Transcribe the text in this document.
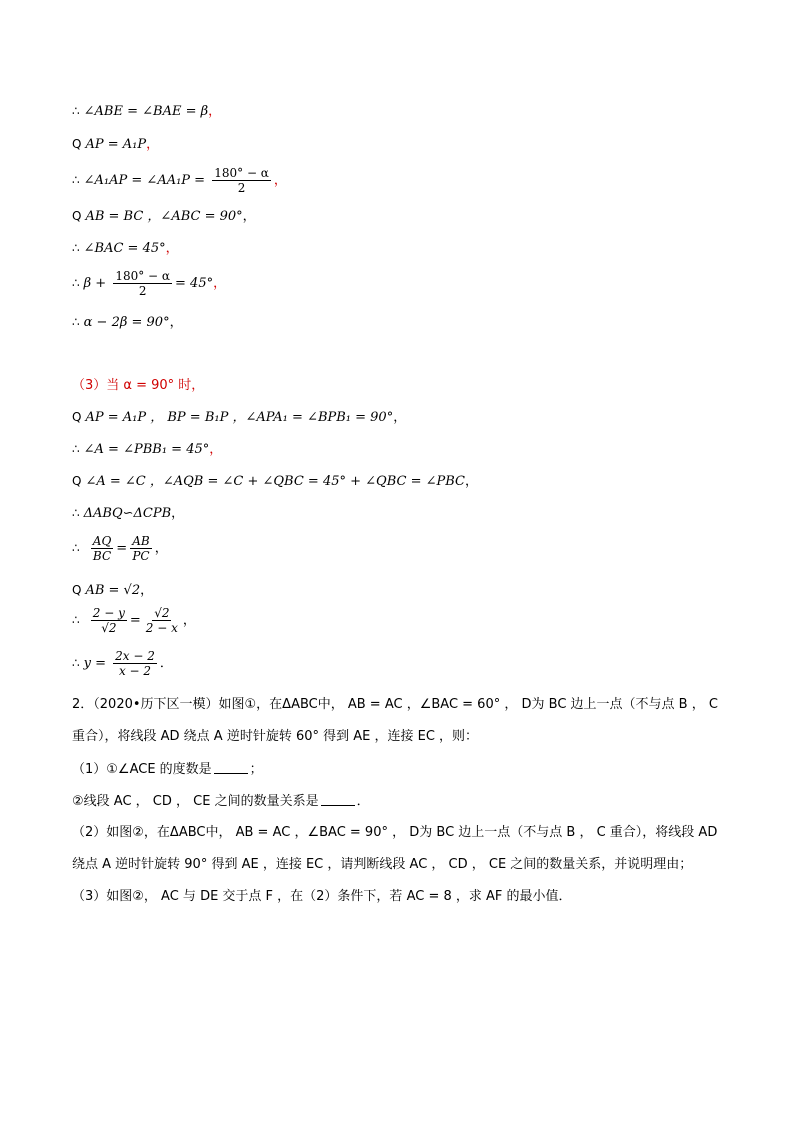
∴ ∠ABE = ∠BAE = β，
Q AP = A₁P，
∴ ∠A₁AP = ∠AA₁P = $\frac{180^\circ - \alpha}{2}$ ，
Q AB = BC ，∠ABC = 90°，
∴ ∠BAC = 45°，
∴ $\beta + \frac{180^\circ - \alpha}{2} = 45^\circ$，
∴ α − 2β = 90°，
（3）当 α = 90° 时，
Q AP = A₁P ， BP = B₁P ，∠APA₁ = ∠BPB₁ = 90°，
∴ ∠A = ∠PBB₁ = 45°，
Q ∠A = ∠C ，∠AQB = ∠C + ∠QBC = 45° + ∠QBC = ∠PBC，
∴ ΔABQ∽ΔCPB，
∴ $\frac{AQ}{BC} = \frac{AB}{PC}$ ，
Q AB = √2，
∴ $\frac{2 - y}{√2} = \frac{√2}{2 - x}$ ，
∴ $y = \frac{2x - 2}{x - 2}$ ．
2．（2020•历下区一模）如图①，在ΔABC中， AB = AC ，∠BAC = 60° ， D为 BC 边上一点（不与点 B ， C
重合），将线段 AD 绕点 A 逆时针旋转 60° 得到 AE ，连接 EC ，则：
（1）①∠ACE 的度数是	；
②线段 AC ， CD ， CE 之间的数量关系是	．
（2）如图②，在ΔABC中， AB = AC ，∠BAC = 90° ， D为 BC 边上一点（不与点 B ， C 重合），将线段 AD
绕点 A 逆时针旋转 90° 得到 AE ，连接 EC ，请判断线段 AC ， CD ， CE 之间的数量关系，并说明理由；
（3）如图②， AC 与 DE 交于点 F ，在（2）条件下，若 AC = 8 ，求 AF 的最小值．
